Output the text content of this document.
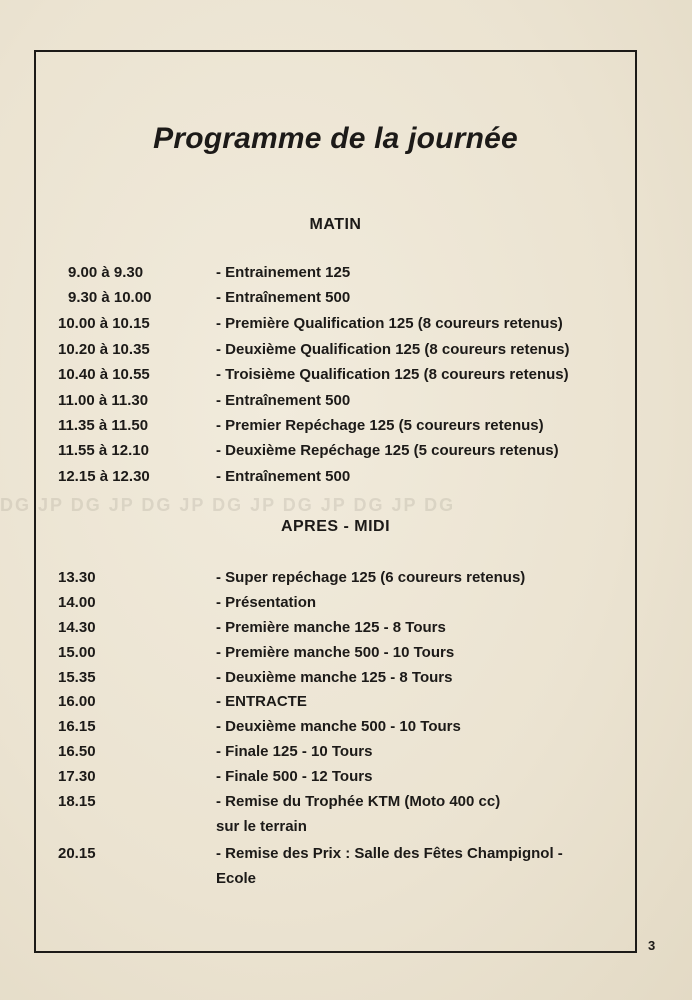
DG JP DG JP DG JP DG JP DG JP DG JP DG
Programme de la journée
MATIN
9.00 à 9.30	- Entrainement 125
9.30 à 10.00	- Entraînement 500
10.00 à 10.15	- Première Qualification 125 (8 coureurs retenus)
10.20 à 10.35	- Deuxième Qualification 125 (8 coureurs retenus)
10.40 à 10.55	- Troisième Qualification 125 (8 coureurs retenus)
11.00 à 11.30	- Entraînement 500
11.35 à 11.50	- Premier Repéchage 125 (5 coureurs retenus)
11.55 à 12.10	- Deuxième Repéchage 125 (5 coureurs retenus)
12.15 à 12.30	- Entraînement 500
APRES - MIDI
13.30	- Super repéchage 125 (6 coureurs retenus)
14.00	- Présentation
14.30	- Première manche 125 - 8 Tours
15.00	- Première manche 500 - 10 Tours
15.35	- Deuxième manche 125 - 8 Tours
16.00	- ENTRACTE
16.15	- Deuxième manche 500 - 10 Tours
16.50	- Finale 125 - 10 Tours
17.30	- Finale 500 - 12 Tours
18.15	- Remise du Trophée KTM (Moto 400 cc)
sur le terrain
20.15	- Remise des Prix : Salle des Fêtes Champignol -
Ecole
3
